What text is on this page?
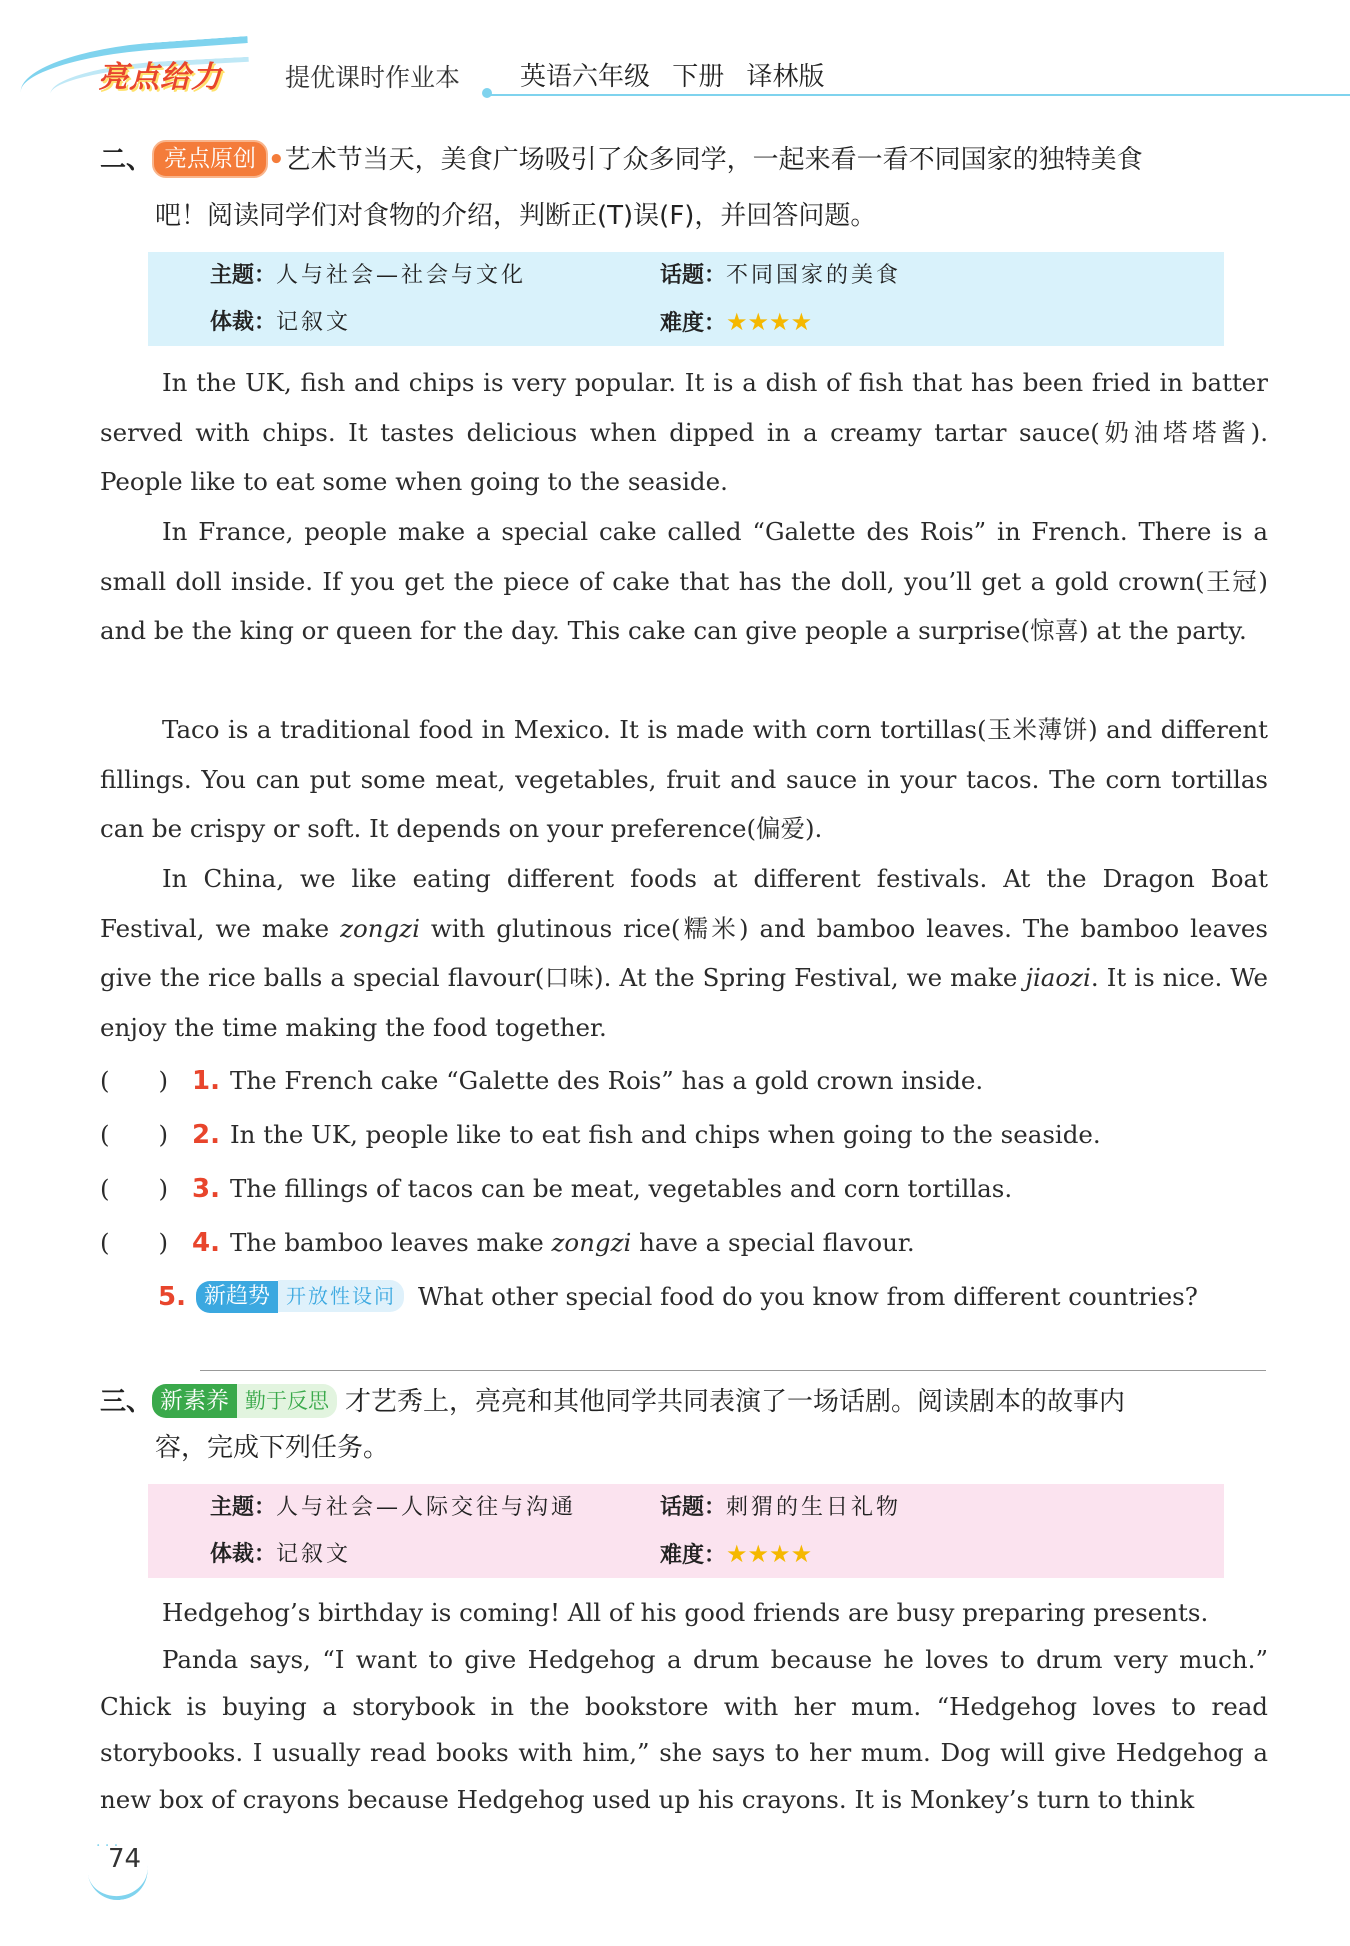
亮点给力	提优课时作业本 英语六年级 下册 译林版
二、 亮点原创 •艺术节当天，美食广场吸引了众多同学，一起来看一看不同国家的独特美食
吧！阅读同学们对食物的介绍，判断正(T)误(F)，并回答问题。
主题：人与社会—社会与文化	话题：不同国家的美食
体裁：记叙文	难度：★★★★

In the UK, fish and chips is very popular. It is a dish of fish that has been fried in batter served with chips. It tastes delicious when dipped in a creamy tartar sauce(奶油塔塔酱). People like to eat some when going to the seaside.

In France, people make a special cake called “Galette des Rois” in French. There is a small doll inside. If you get the piece of cake that has the doll, you’ll get a gold crown(王冠) and be the king or queen for the day. This cake can give people a surprise(惊喜) at the party.

Taco is a traditional food in Mexico. It is made with corn tortillas(玉米薄饼) and different fillings. You can put some meat, vegetables, fruit and sauce in your tacos. The corn tortillas can be crispy or soft. It depends on your preference(偏爱).

In China, we like eating different foods at different festivals. At the Dragon Boat Festival, we make zongzi with glutinous rice(糯米) and bamboo leaves. The bamboo leaves give the rice balls a special flavour(口味). At the Spring Festival, we make jiaozi. It is nice. We enjoy the time making the food together.

(　　) 1. The French cake “Galette des Rois” has a gold crown inside.
(　　) 2. In the UK, people like to eat fish and chips when going to the seaside.
(　　) 3. The fillings of tacos can be meat, vegetables and corn tortillas.
(　　) 4. The bamboo leaves make zongzi have a special flavour.
5. 新趋势 开放性设问 What other special food do you know from different countries?
三、 新素养 勤于反思 才艺秀上，亮亮和其他同学共同表演了一场话剧。阅读剧本的故事内
容，完成下列任务。
主题：人与社会—人际交往与沟通	话题：刺猬的生日礼物
体裁：记叙文	难度：★★★★

Hedgehog’s birthday is coming! All of his good friends are busy preparing presents.

Panda says, “I want to give Hedgehog a drum because he loves to drum very much.” Chick is buying a storybook in the bookstore with her mum. “Hedgehog loves to read storybooks. I usually read books with him,” she says to her mum. Dog will give Hedgehog a new box of crayons because Hedgehog used up his crayons. It is Monkey’s turn to think

· · ·
74
